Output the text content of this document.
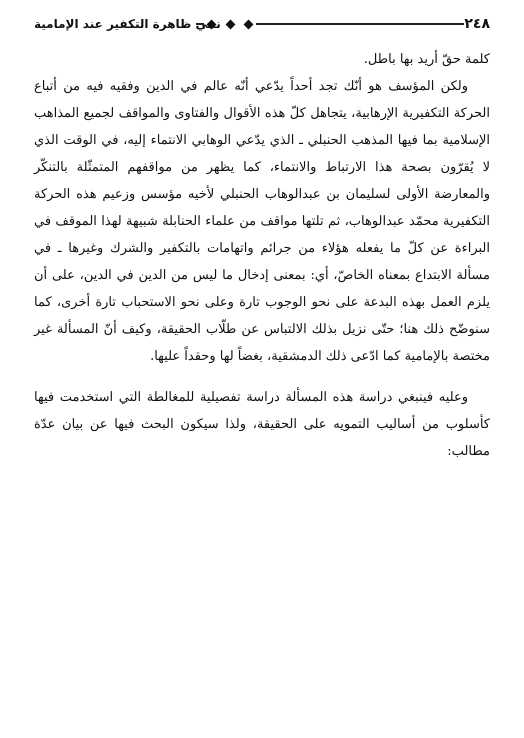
٢٤٨
نفي ظاهرة التكفير عند الإمامية

كلمة حقّ أريد بها باطل.

ولكن المؤسف هو أنّك تجد أحداً يدّعي أنّه عالم في الدين وفقيه فيه من أتباع الحركة التكفيرية الإرهابية، يتجاهل كلّ هذه الأقوال والفتاوى والمواقف لجميع المذاهب الإسلامية بما فيها المذهب الحنبلي ـ الذي يدّعي الوهابي الانتماء إليه، في الوقت الذي لا يُقرّون بصحة هذا الارتباط والانتماء، كما يظهر من مواقفهم المتمثّلة بالتنكّر والمعارضة الأولى لسليمان بن عبدالوهاب الحنبلي لأخيه مؤسس وزعيم هذه الحركة التكفيرية محمّد عبدالوهاب، ثم تلتها مواقف من علماء الحنابلة شبيهة لهذا الموقف في البراءة عن كلّ ما يفعله هؤلاء من جرائم واتهامات بالتكفير والشرك وغيرها ـ في مسألة الابتداع بمعناه الخاصّ، أي: بمعنى إدخال ما ليس من الدين في الدين، على أن يلزم العمل بهذه البدعة على نحو الوجوب تارة وعلى نحو الاستحباب تارة أخرى، كما سنوضّح ذلك هنا؛ حتّى نزيل بذلك الالتباس عن طلّاب الحقيقة، وكيف أنّ المسألة غير مختصة بالإمامية كما ادّعى ذلك الدمشقية، بغضاً لها وحقداً عليها.

وعليه فينبغي دراسة هذه المسألة دراسة تفصيلية للمغالطة التي استخدمت فيها كأسلوب من أساليب التمويه على الحقيقة، ولذا سيكون البحث فيها عن بيان عدّة مطالب:
